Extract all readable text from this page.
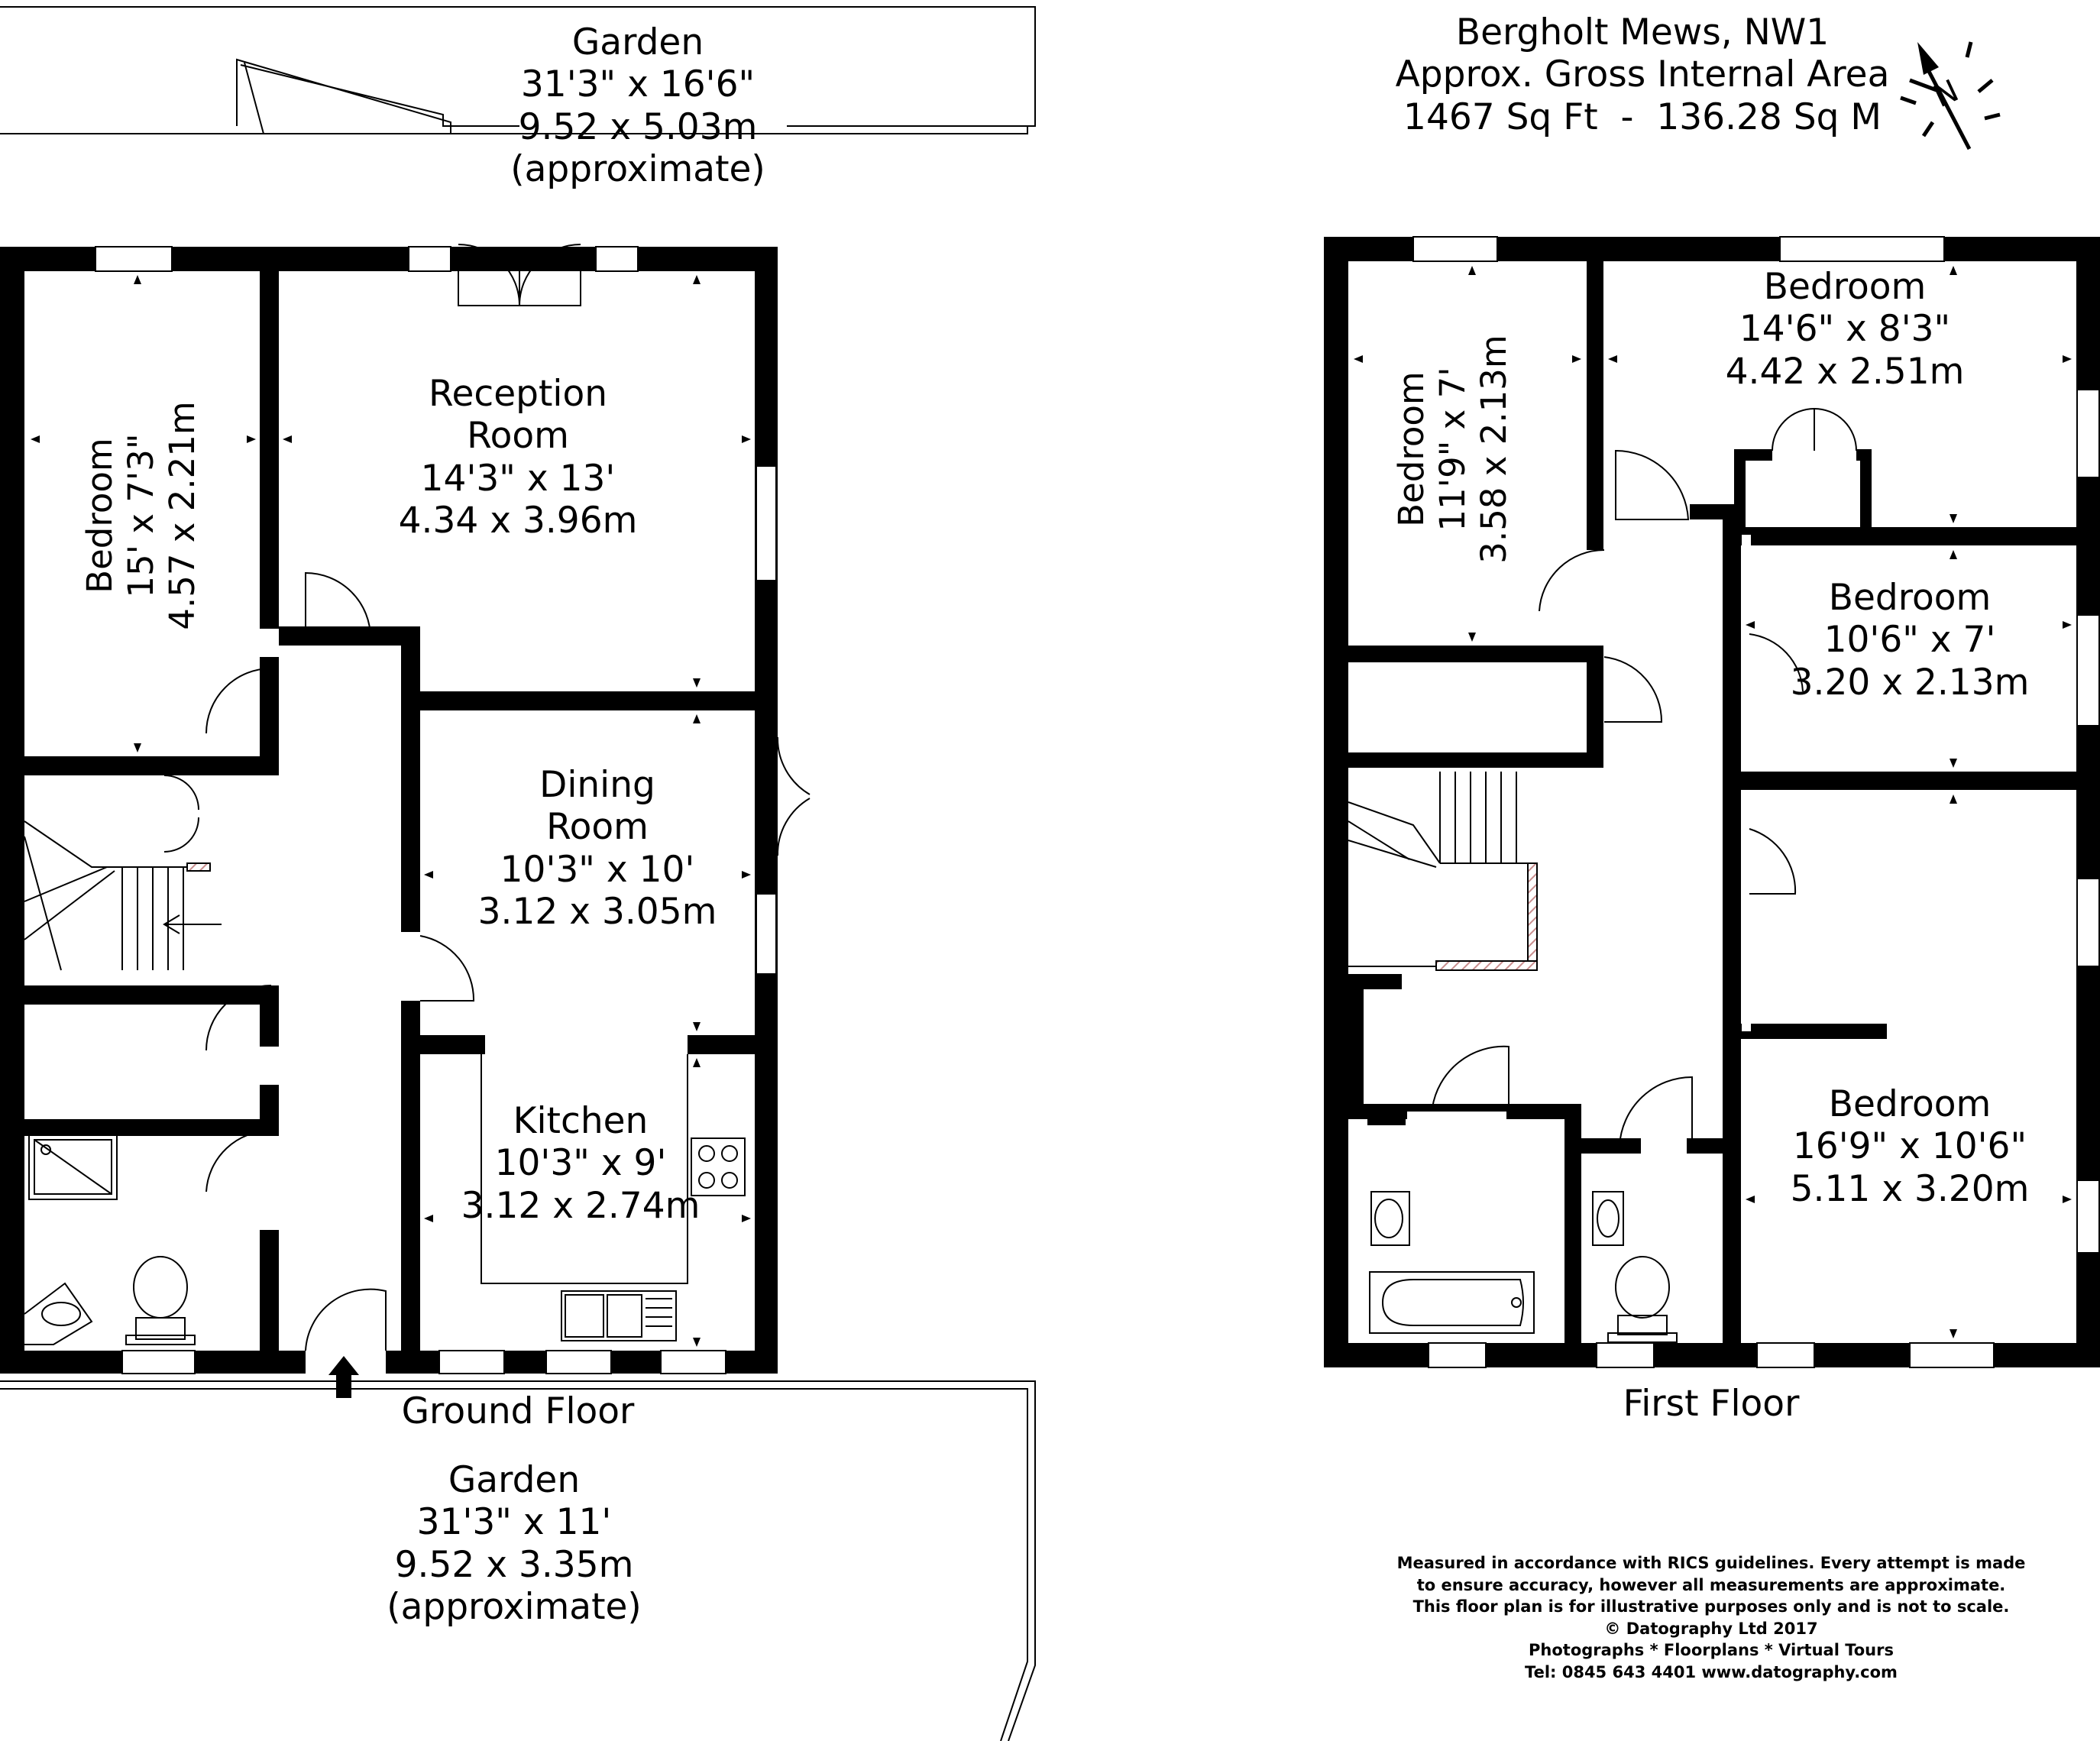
Bergholt Mews, NW1
Approx. Gross Internal Area
1467 Sq Ft  -  136.28 Sq M
N
Garden
31'3" x 16'6"
9.52 x 5.03m
(approximate)
Bedroom 15' x 7'3" 4.57 x 2.21m
Reception
Room
14'3" x 13'
4.34 x 3.96m
Dining
Room
10'3" x 10'
3.12 x 3.05m
Kitchen
10'3" x 9'
3.12 x 2.74m
Ground Floor
Garden
31'3" x 11'
9.52 x 3.35m
(approximate)
Bedroom 11'9" x 7' 3.58 x 2.13m
Bedroom
14'6" x 8'3"
4.42 x 2.51m
Bedroom
10'6" x 7'
3.20 x 2.13m
Bedroom
16'9" x 10'6"
5.11 x 3.20m
First Floor
Measured in accordance with RICS guidelines. Every attempt is made
to ensure accuracy, however all measurements are approximate.
This floor plan is for illustrative purposes only and is not to scale.
© Datography Ltd 2017
Photographs * Floorplans * Virtual Tours
Tel: 0845 643 4401 www.datography.com
